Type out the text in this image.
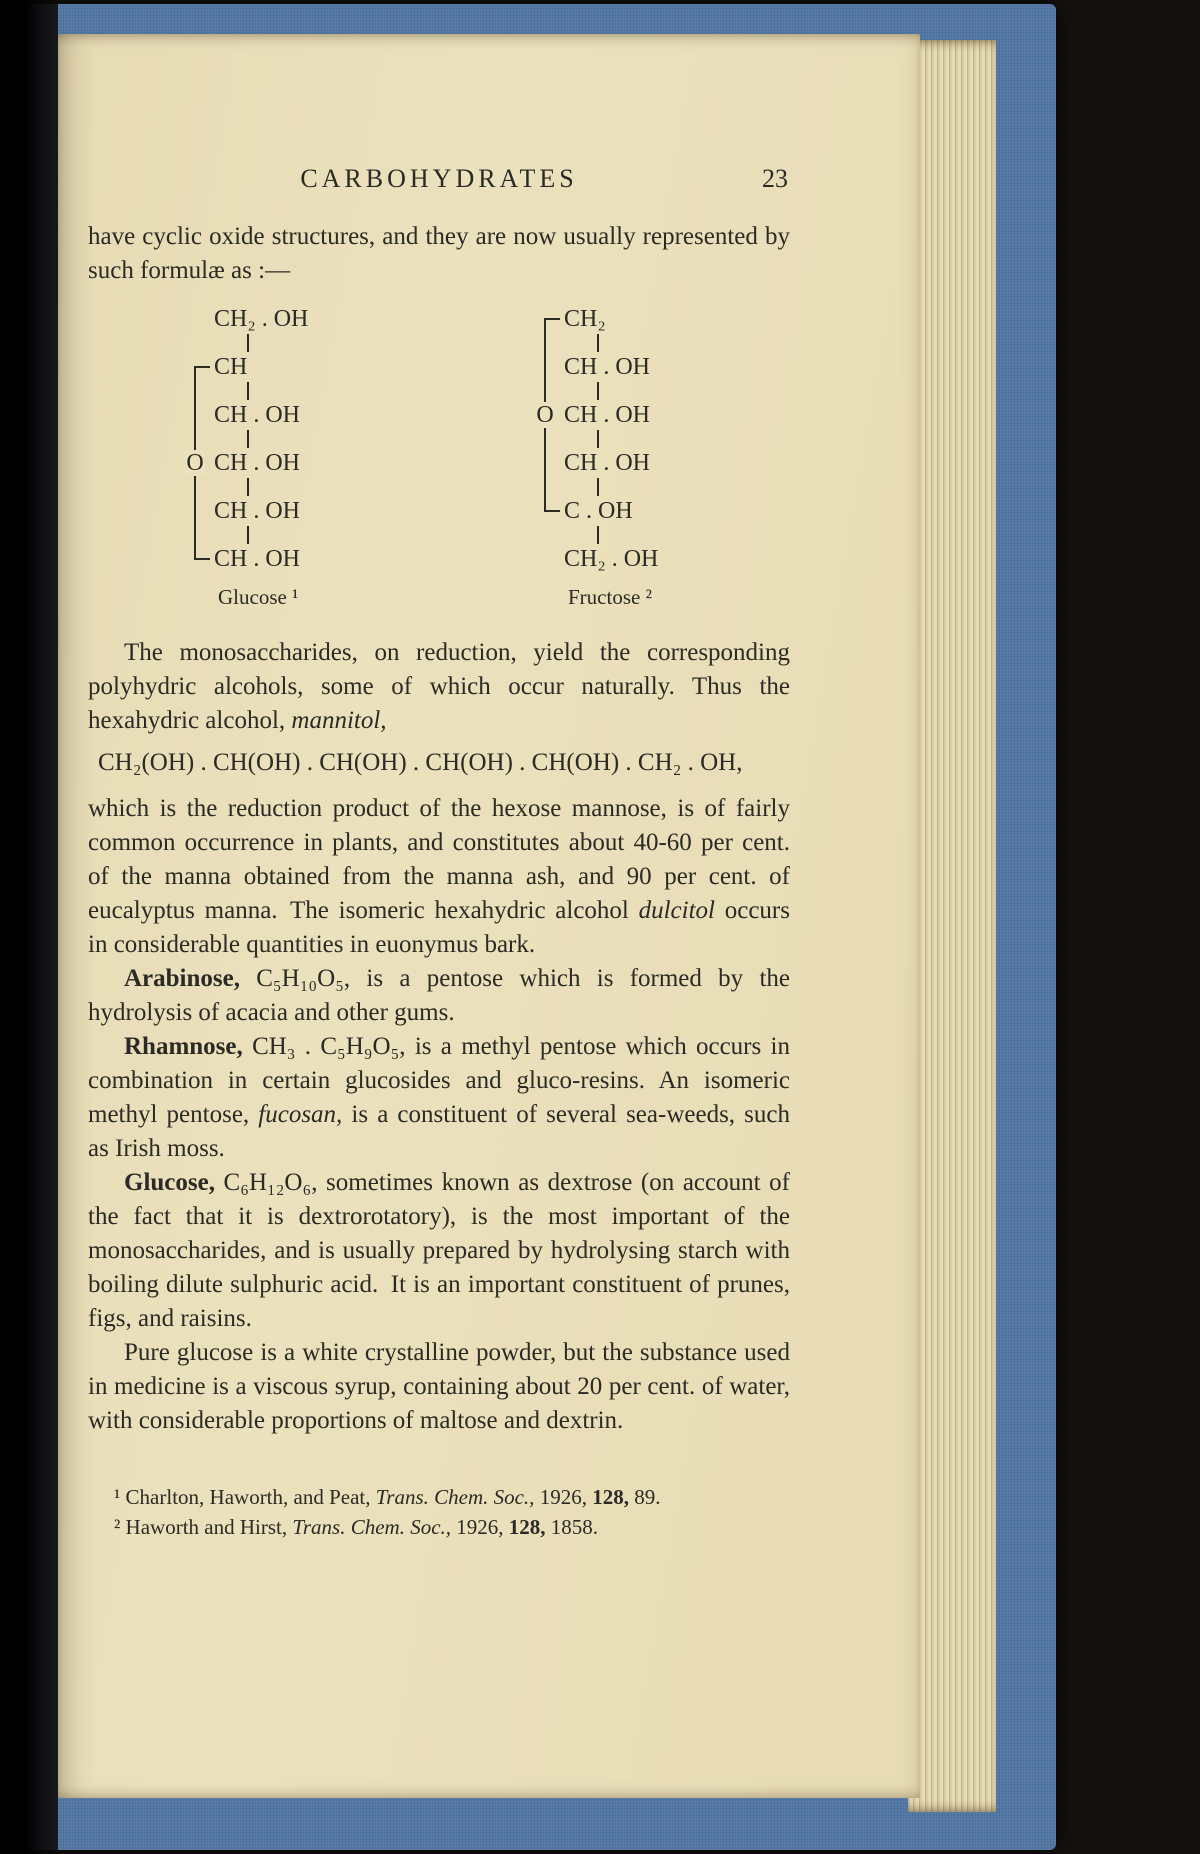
CARBOHYDRATES	23

have cyclic oxide structures, and they are now usually represented by such formulæ as :—

O
CH₂ . OH
CH
CH . OH
CH . OH
CH . OH
CH . OH
Glucose ¹
O
CH₂
CH . OH
CH . OH
CH . OH
C . OH
CH₂ . OH
Fructose ²

The monosaccharides, on reduction, yield the corresponding polyhydric alcohols, some of which occur naturally. Thus the hexahydric alcohol, mannitol,

CH₂(OH) . CH(OH) . CH(OH) . CH(OH) . CH(OH) . CH₂ . OH,

which is the reduction product of the hexose mannose, is of fairly common occurrence in plants, and constitutes about 40-60 per cent. of the manna obtained from the manna ash, and 90 per cent. of eucalyptus manna. The isomeric hexahydric alcohol dulcitol occurs in considerable quantities in euonymus bark.

Arabinose, C₅H₁₀O₅, is a pentose which is formed by the hydrolysis of acacia and other gums.

Rhamnose, CH₃ . C₅H₉O₅, is a methyl pentose which occurs in combination in certain glucosides and gluco-resins. An isomeric methyl pentose, fucosan, is a constituent of several sea-weeds, such as Irish moss.

Glucose, C₆H₁₂O₆, sometimes known as dextrose (on account of the fact that it is dextrorotatory), is the most important of the monosaccharides, and is usually prepared by hydrolysing starch with boiling dilute sulphuric acid. It is an important constituent of prunes, figs, and raisins.

Pure glucose is a white crystalline powder, but the substance used in medicine is a viscous syrup, containing about 20 per cent. of water, with considerable proportions of maltose and dextrin.

¹ Charlton, Haworth, and Peat, Trans. Chem. Soc., 1926, 128, 89.
² Haworth and Hirst, Trans. Chem. Soc., 1926, 128, 1858.
